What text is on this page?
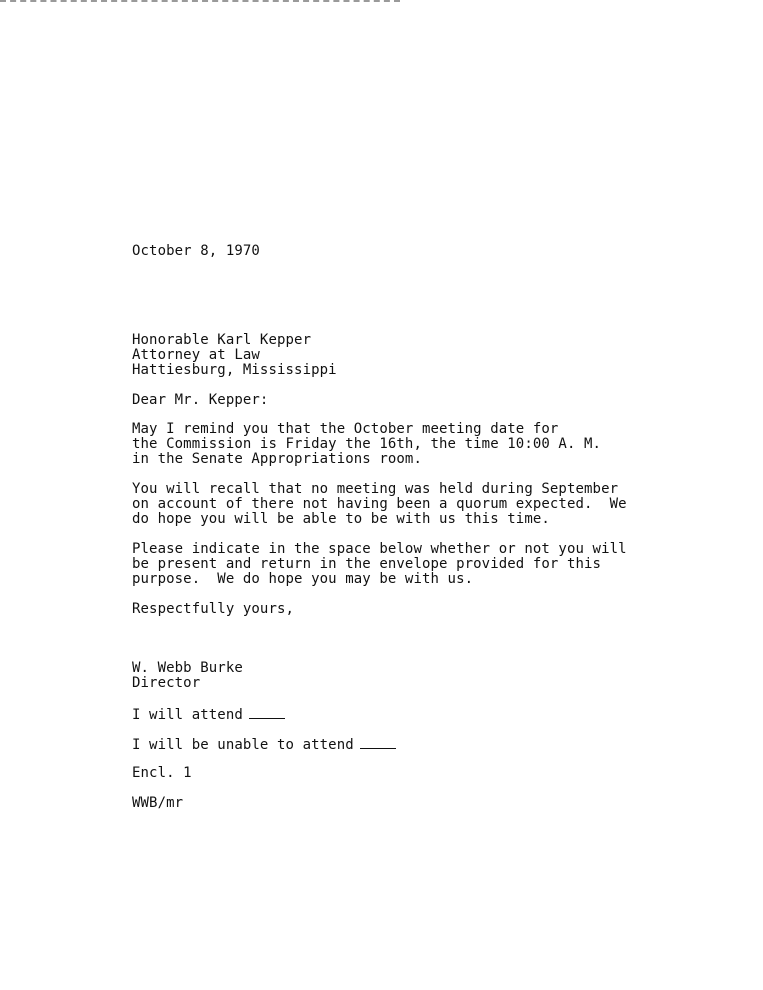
October 8, 1970
Honorable Karl Kepper
Attorney at Law
Hattiesburg, Mississippi
Dear Mr. Kepper:
May I remind you that the October meeting date for
the Commission is Friday the 16th, the time 10:00 A. M.
in the Senate Appropriations room.
You will recall that no meeting was held during September
on account of there not having been a quorum expected.  We
do hope you will be able to be with us this time.
Please indicate in the space below whether or not you will
be present and return in the envelope provided for this
purpose.  We do hope you may be with us.
Respectfully yours,
W. Webb Burke
Director
I will attend
I will be unable to attend
Encl. 1
WWB/mr
